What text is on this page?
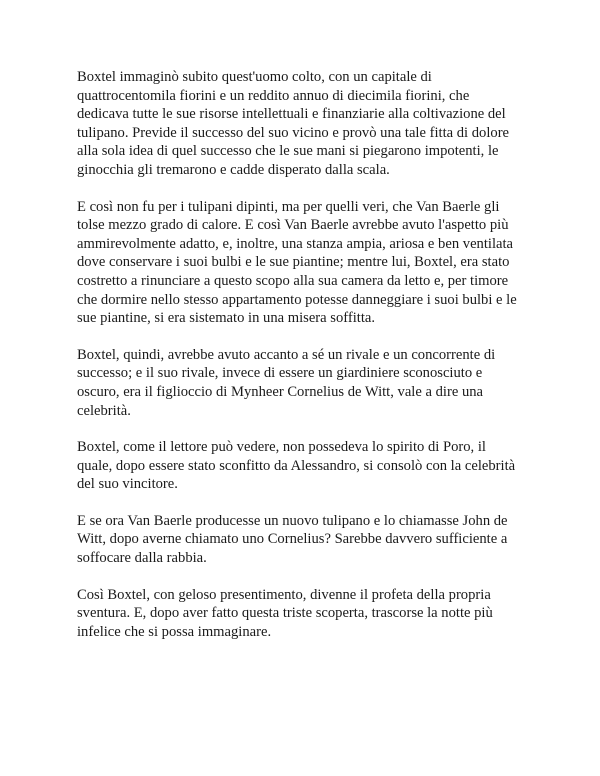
Boxtel immaginò subito quest'uomo colto, con un capitale di
quattrocentomila fiorini e un reddito annuo di diecimila fiorini, che
dedicava tutte le sue risorse intellettuali e finanziarie alla coltivazione del
tulipano. Previde il successo del suo vicino e provò una tale fitta di dolore
alla sola idea di quel successo che le sue mani si piegarono impotenti, le
ginocchia gli tremarono e cadde disperato dalla scala.

E così non fu per i tulipani dipinti, ma per quelli veri, che Van Baerle gli
tolse mezzo grado di calore. E così Van Baerle avrebbe avuto l'aspetto più
ammirevolmente adatto, e, inoltre, una stanza ampia, ariosa e ben ventilata
dove conservare i suoi bulbi e le sue piantine; mentre lui, Boxtel, era stato
costretto a rinunciare a questo scopo alla sua camera da letto e, per timore
che dormire nello stesso appartamento potesse danneggiare i suoi bulbi e le
sue piantine, si era sistemato in una misera soffitta.

Boxtel, quindi, avrebbe avuto accanto a sé un rivale e un concorrente di
successo; e il suo rivale, invece di essere un giardiniere sconosciuto e
oscuro, era il figlioccio di Mynheer Cornelius de Witt, vale a dire una
celebrità.

Boxtel, come il lettore può vedere, non possedeva lo spirito di Poro, il
quale, dopo essere stato sconfitto da Alessandro, si consolò con la celebrità
del suo vincitore.

E se ora Van Baerle producesse un nuovo tulipano e lo chiamasse John de
Witt, dopo averne chiamato uno Cornelius? Sarebbe davvero sufficiente a
soffocare dalla rabbia.

Così Boxtel, con geloso presentimento, divenne il profeta della propria
sventura. E, dopo aver fatto questa triste scoperta, trascorse la notte più
infelice che si possa immaginare.
